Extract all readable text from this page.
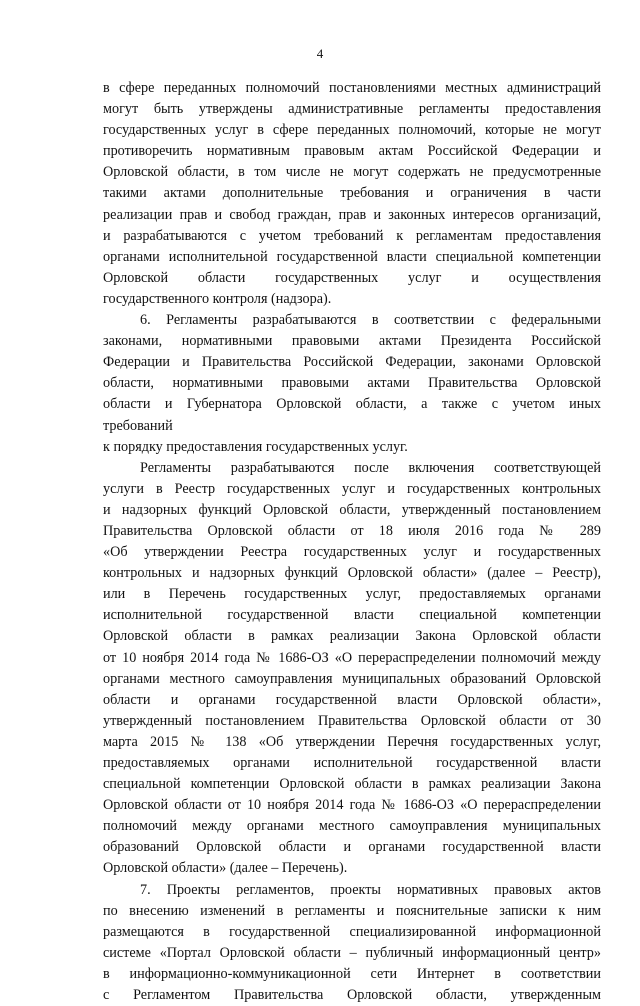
4
в сфере переданных полномочий постановлениями местных администраций
могут быть утверждены административные регламенты предоставления
государственных услуг в сфере переданных полномочий, которые не могут
противоречить нормативным правовым актам Российской Федерации и
Орловской области, в том числе не могут содержать не предусмотренные
такими актами дополнительные требования и ограничения в части
реализации прав и свобод граждан, прав и законных интересов организаций,
и разрабатываются с учетом требований к регламентам предоставления
органами исполнительной государственной власти специальной компетенции
Орловской области государственных услуг и осуществления
государственного контроля (надзора).
6. Регламенты разрабатываются в соответствии с федеральными
законами, нормативными правовыми актами Президента Российской
Федерации и Правительства Российской Федерации, законами Орловской
области, нормативными правовыми актами Правительства Орловской
области и Губернатора Орловской области, а также с учетом иных
требований
к порядку предоставления государственных услуг.
Регламенты разрабатываются после включения соответствующей
услуги в Реестр государственных услуг и государственных контрольных
и надзорных функций Орловской области, утвержденный постановлением
Правительства Орловской области от 18 июля 2016 года № 289
«Об утверждении Реестра государственных услуг и государственных
контрольных и надзорных функций Орловской области» (далее – Реестр),
или в Перечень государственных услуг, предоставляемых органами
исполнительной государственной власти специальной компетенции
Орловской области в рамках реализации Закона Орловской области
от 10 ноября 2014 года № 1686-ОЗ «О перераспределении полномочий между
органами местного самоуправления муниципальных образований Орловской
области и органами государственной власти Орловской области»,
утвержденный постановлением Правительства Орловской области от 30
марта 2015 № 138 «Об утверждении Перечня государственных услуг,
предоставляемых органами исполнительной государственной власти
специальной компетенции Орловской области в рамках реализации Закона
Орловской области от 10 ноября 2014 года № 1686-ОЗ «О перераспределении
полномочий между органами местного самоуправления муниципальных
образований Орловской области и органами государственной власти
Орловской области» (далее – Перечень).
7. Проекты регламентов, проекты нормативных правовых актов
по внесению изменений в регламенты и пояснительные записки к ним
размещаются в государственной специализированной информационной
системе «Портал Орловской области – публичный информационный центр»
в информационно-коммуникационной сети Интернет в соответствии
с Регламентом Правительства Орловской области, утвержденным
